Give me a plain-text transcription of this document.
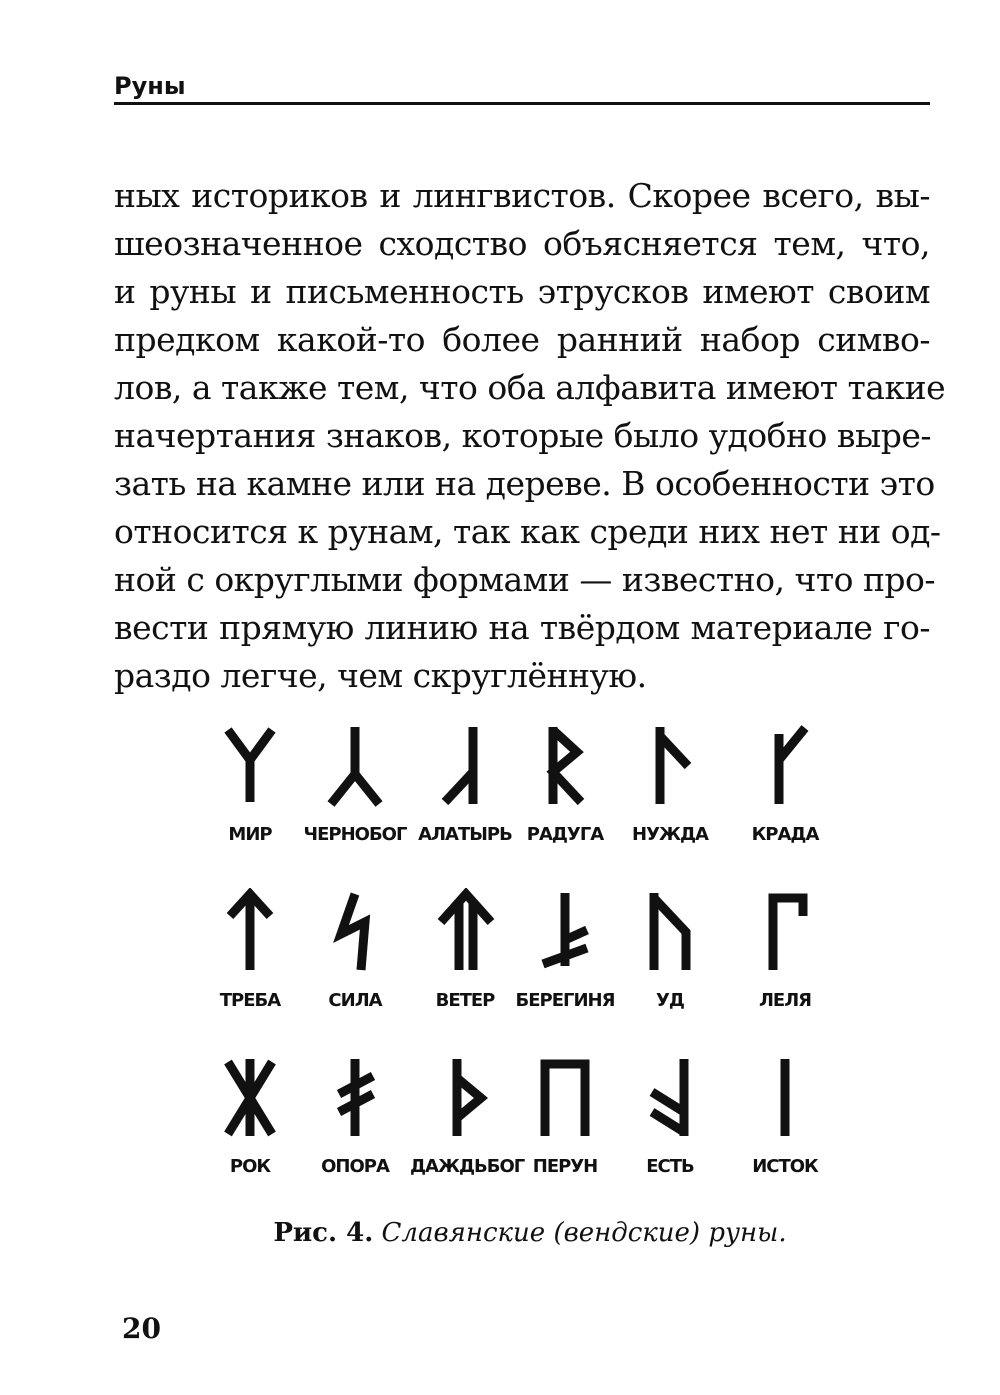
Руны
ных историков и лингвистов. Скорее всего, вы-
шеозначенное сходство объясняется тем, что,
и руны и письменность этрусков имеют своим
предком какой-то более ранний набор симво-
лов, а также тем, что оба алфавита имеют такие
начертания знаков, которые было удобно выре-
зать на камне или на дереве. В особенности это
относится к рунам, так как среди них нет ни од-
ной с округлыми формами — известно, что про-
вести прямую линию на твёрдом материале го-
раздо легче, чем скруглённую.
МИР	ЧЕРНОБОГ АЛАТЫРЬ РАДУГА	НУЖДА	КРАДА
ТРЕБА	СИЛА	ВЕТЕР	БЕРЕГИНЯ	УД	ЛЕЛЯ
РОК	ОПОРА	ДАЖДЬБОГ ПЕРУН	ЕСТЬ	ИСТОК
Рис. 4. Славянские (вендские) руны.
20
